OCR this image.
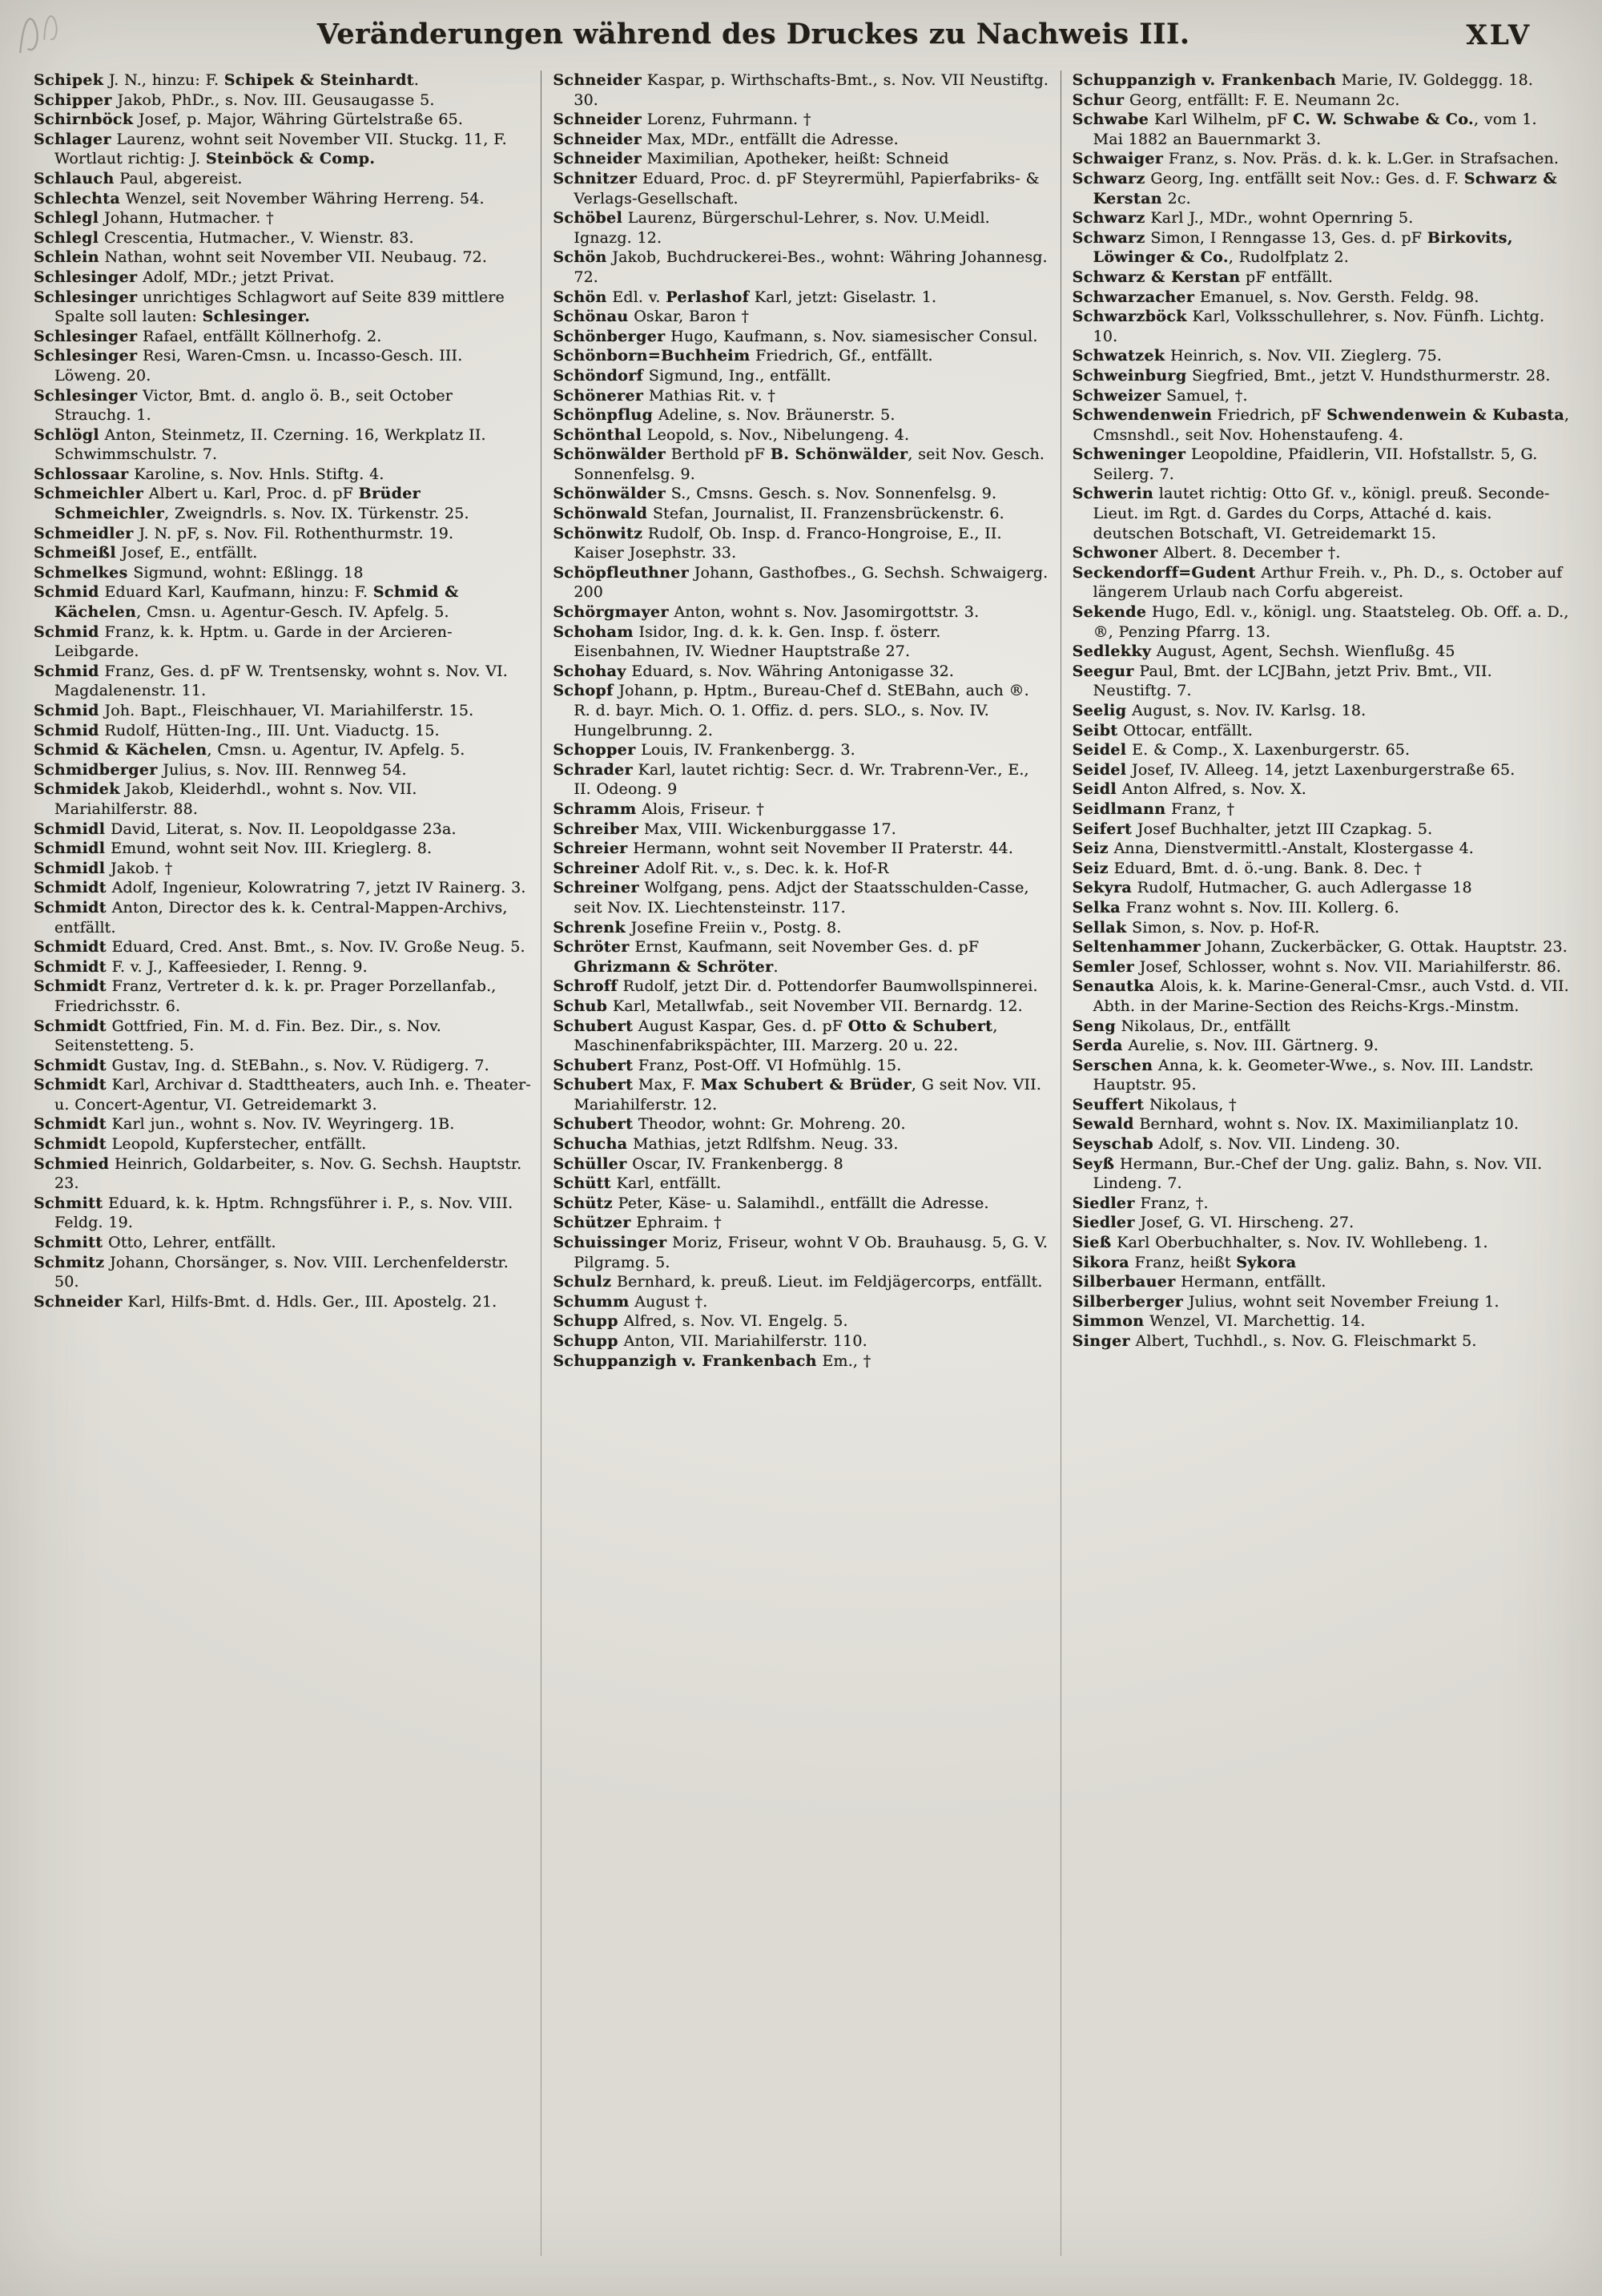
Veränderungen während des Druckes zu Nachweis III.	XLV

Schipek J. N., hinzu: F. Schipek & Steinhardt.

Schipper Jakob, PhDr., s. Nov. III. Geusaugasse 5.

Schirnböck Josef, p. Major, Währing Gürtelstraße 65.

Schlager Laurenz, wohnt seit November VII. Stuckg. 11, F. Wortlaut richtig: J. Steinböck & Comp.

Schlauch Paul, abgereist.

Schlechta Wenzel, seit November Währing Herreng. 54.

Schlegl Johann, Hutmacher. †

Schlegl Crescentia, Hutmacher., V. Wienstr. 83.

Schlein Nathan, wohnt seit November VII. Neubaug. 72.

Schlesinger Adolf, MDr.; jetzt Privat.

Schlesinger unrichtiges Schlagwort auf Seite 839 mittlere Spalte soll lauten: Schlesinger.

Schlesinger Rafael, entfällt Köllnerhofg. 2.

Schlesinger Resi, Waren-Cmsn. u. Incasso-Gesch. III. Löweng. 20.

Schlesinger Victor, Bmt. d. anglo ö. B., seit October Strauchg. 1.

Schlögl Anton, Steinmetz, II. Czerning. 16, Werkplatz II. Schwimmschulstr. 7.

Schlossaar Karoline, s. Nov. Hnls. Stiftg. 4.

Schmeichler Albert u. Karl, Proc. d. pF Brüder Schmeichler, Zweigndrls. s. Nov. IX. Türkenstr. 25.

Schmeidler J. N. pF, s. Nov. Fil. Rothenthurmstr. 19.

Schmeißl Josef, E., entfällt.

Schmelkes Sigmund, wohnt: Eßlingg. 18

Schmid Eduard Karl, Kaufmann, hinzu: F. Schmid & Kächelen, Cmsn. u. Agentur-Gesch. IV. Apfelg. 5.

Schmid Franz, k. k. Hptm. u. Garde in der Arcieren-Leibgarde.

Schmid Franz, Ges. d. pF W. Trentsensky, wohnt s. Nov. VI. Magdalenenstr. 11.

Schmid Joh. Bapt., Fleischhauer, VI. Mariahilferstr. 15.

Schmid Rudolf, Hütten-Ing., III. Unt. Viaductg. 15.

Schmid & Kächelen, Cmsn. u. Agentur, IV. Apfelg. 5.

Schmidberger Julius, s. Nov. III. Rennweg 54.

Schmidek Jakob, Kleiderhdl., wohnt s. Nov. VII. Mariahilferstr. 88.

Schmidl David, Literat, s. Nov. II. Leopoldgasse 23a.

Schmidl Emund, wohnt seit Nov. III. Krieglerg. 8.

Schmidl Jakob. †

Schmidt Adolf, Ingenieur, Kolowratring 7, jetzt IV Rainerg. 3.

Schmidt Anton, Director des k. k. Central-Mappen-Archivs, entfällt.

Schmidt Eduard, Cred. Anst. Bmt., s. Nov. IV. Große Neug. 5.

Schmidt F. v. J., Kaffeesieder, I. Renng. 9.

Schmidt Franz, Vertreter d. k. k. pr. Prager Porzellanfab., Friedrichsstr. 6.

Schmidt Gottfried, Fin. M. d. Fin. Bez. Dir., s. Nov. Seitenstetteng. 5.

Schmidt Gustav, Ing. d. StEBahn., s. Nov. V. Rüdigerg. 7.

Schmidt Karl, Archivar d. Stadttheaters, auch Inh. e. Theater- u. Concert-Agentur, VI. Getreidemarkt 3.

Schmidt Karl jun., wohnt s. Nov. IV. Weyringerg. 1B.

Schmidt Leopold, Kupferstecher, entfällt.

Schmied Heinrich, Goldarbeiter, s. Nov. G. Sechsh. Hauptstr. 23.

Schmitt Eduard, k. k. Hptm. Rchngsführer i. P., s. Nov. VIII. Feldg. 19.

Schmitt Otto, Lehrer, entfällt.

Schmitz Johann, Chorsänger, s. Nov. VIII. Lerchenfelderstr. 50.

Schneider Karl, Hilfs-Bmt. d. Hdls. Ger., III. Apostelg. 21.

Schneider Kaspar, p. Wirthschafts-Bmt., s. Nov. VII Neustiftg. 30.

Schneider Lorenz, Fuhrmann. †

Schneider Max, MDr., entfällt die Adresse.

Schneider Maximilian, Apotheker, heißt: Schneid

Schnitzer Eduard, Proc. d. pF Steyrermühl, Papierfabriks- & Verlags-Gesellschaft.

Schöbel Laurenz, Bürgerschul-Lehrer, s. Nov. U.Meidl. Ignazg. 12.

Schön Jakob, Buchdruckerei-Bes., wohnt: Währing Johannesg. 72.

Schön Edl. v. Perlashof Karl, jetzt: Giselastr. 1.

Schönau Oskar, Baron †

Schönberger Hugo, Kaufmann, s. Nov. siamesischer Consul.

Schönborn=Buchheim Friedrich, Gf., entfällt.

Schöndorf Sigmund, Ing., entfällt.

Schönerer Mathias Rit. v. †

Schönpflug Adeline, s. Nov. Bräunerstr. 5.

Schönthal Leopold, s. Nov., Nibelungeng. 4.

Schönwälder Berthold pF B. Schönwälder, seit Nov. Gesch. Sonnenfelsg. 9.

Schönwälder S., Cmsns. Gesch. s. Nov. Sonnenfelsg. 9.

Schönwald Stefan, Journalist, II. Franzensbrückenstr. 6.

Schönwitz Rudolf, Ob. Insp. d. Franco-Hongroise, E., II. Kaiser Josephstr. 33.

Schöpfleuthner Johann, Gasthofbes., G. Sechsh. Schwaigerg. 200

Schörgmayer Anton, wohnt s. Nov. Jasomirgottstr. 3.

Schoham Isidor, Ing. d. k. k. Gen. Insp. f. österr. Eisenbahnen, IV. Wiedner Hauptstraße 27.

Schohay Eduard, s. Nov. Währing Antonigasse 32.

Schopf Johann, p. Hptm., Bureau-Chef d. StEBahn, auch ®. R. d. bayr. Mich. O. 1. Offiz. d. pers. SLO., s. Nov. IV. Hungelbrunng. 2.

Schopper Louis, IV. Frankenbergg. 3.

Schrader Karl, lautet richtig: Secr. d. Wr. Trabrenn-Ver., E., II. Odeong. 9

Schramm Alois, Friseur. †

Schreiber Max, VIII. Wickenburggasse 17.

Schreier Hermann, wohnt seit November II Praterstr. 44.

Schreiner Adolf Rit. v., s. Dec. k. k. Hof-R

Schreiner Wolfgang, pens. Adjct der Staatsschulden-Casse, seit Nov. IX. Liechtensteinstr. 117.

Schrenk Josefine Freiin v., Postg. 8.

Schröter Ernst, Kaufmann, seit November Ges. d. pF Ghrizmann & Schröter.

Schroff Rudolf, jetzt Dir. d. Pottendorfer Baumwollspinnerei.

Schub Karl, Metallwfab., seit November VII. Bernardg. 12.

Schubert August Kaspar, Ges. d. pF Otto & Schubert, Maschinenfabrikspächter, III. Marzerg. 20 u. 22.

Schubert Franz, Post-Off. VI Hofmühlg. 15.

Schubert Max, F. Max Schubert & Brüder, G seit Nov. VII. Mariahilferstr. 12.

Schubert Theodor, wohnt: Gr. Mohreng. 20.

Schucha Mathias, jetzt Rdlfshm. Neug. 33.

Schüller Oscar, IV. Frankenbergg. 8

Schütt Karl, entfällt.

Schütz Peter, Käse- u. Salamihdl., entfällt die Adresse.

Schützer Ephraim. †

Schuissinger Moriz, Friseur, wohnt V Ob. Brauhausg. 5, G. V. Pilgramg. 5.

Schulz Bernhard, k. preuß. Lieut. im Feldjägercorps, entfällt.

Schumm August †.

Schupp Alfred, s. Nov. VI. Engelg. 5.

Schupp Anton, VII. Mariahilferstr. 110.

Schuppanzigh v. Frankenbach Em., †

Schuppanzigh v. Frankenbach Marie, IV. Goldeggg. 18.

Schur Georg, entfällt: F. E. Neumann 2c.

Schwabe Karl Wilhelm, pF C. W. Schwabe & Co., vom 1. Mai 1882 an Bauernmarkt 3.

Schwaiger Franz, s. Nov. Präs. d. k. k. L.Ger. in Strafsachen.

Schwarz Georg, Ing. entfällt seit Nov.: Ges. d. F. Schwarz & Kerstan 2c.

Schwarz Karl J., MDr., wohnt Opernring 5.

Schwarz Simon, I Renngasse 13, Ges. d. pF Birkovits, Löwinger & Co., Rudolfplatz 2.

Schwarz & Kerstan pF entfällt.

Schwarzacher Emanuel, s. Nov. Gersth. Feldg. 98.

Schwarzböck Karl, Volksschullehrer, s. Nov. Fünfh. Lichtg. 10.

Schwatzek Heinrich, s. Nov. VII. Zieglerg. 75.

Schweinburg Siegfried, Bmt., jetzt V. Hundsthurmerstr. 28.

Schweizer Samuel, †.

Schwendenwein Friedrich, pF Schwendenwein & Kubasta, Cmsnshdl., seit Nov. Hohenstaufeng. 4.

Schweninger Leopoldine, Pfaidlerin, VII. Hofstallstr. 5, G. Seilerg. 7.

Schwerin lautet richtig: Otto Gf. v., königl. preuß. Seconde-Lieut. im Rgt. d. Gardes du Corps, Attaché d. kais. deutschen Botschaft, VI. Getreidemarkt 15.

Schwoner Albert. 8. December †.

Seckendorff=Gudent Arthur Freih. v., Ph. D., s. October auf längerem Urlaub nach Corfu abgereist.

Sekende Hugo, Edl. v., königl. ung. Staatsteleg. Ob. Off. a. D., ®, Penzing Pfarrg. 13.

Sedlekky August, Agent, Sechsh. Wienflußg. 45

Seegur Paul, Bmt. der LCJBahn, jetzt Priv. Bmt., VII. Neustiftg. 7.

Seelig August, s. Nov. IV. Karlsg. 18.

Seibt Ottocar, entfällt.

Seidel E. & Comp., X. Laxenburgerstr. 65.

Seidel Josef, IV. Alleeg. 14, jetzt Laxenburgerstraße 65.

Seidl Anton Alfred, s. Nov. X.

Seidlmann Franz, †

Seifert Josef Buchhalter, jetzt III Czapkag. 5.

Seiz Anna, Dienstvermittl.-Anstalt, Klostergasse 4.

Seiz Eduard, Bmt. d. ö.-ung. Bank. 8. Dec. †

Sekyra Rudolf, Hutmacher, G. auch Adlergasse 18

Selka Franz wohnt s. Nov. III. Kollerg. 6.

Sellak Simon, s. Nov. p. Hof-R.

Seltenhammer Johann, Zuckerbäcker, G. Ottak. Hauptstr. 23.

Semler Josef, Schlosser, wohnt s. Nov. VII. Mariahilferstr. 86.

Senautka Alois, k. k. Marine-General-Cmsr., auch Vstd. d. VII. Abth. in der Marine-Section des Reichs-Krgs.-Minstm.

Seng Nikolaus, Dr., entfällt

Serda Aurelie, s. Nov. III. Gärtnerg. 9.

Serschen Anna, k. k. Geometer-Wwe., s. Nov. III. Landstr. Hauptstr. 95.

Seuffert Nikolaus, †

Sewald Bernhard, wohnt s. Nov. IX. Maximilianplatz 10.

Seyschab Adolf, s. Nov. VII. Lindeng. 30.

Seyß Hermann, Bur.-Chef der Ung. galiz. Bahn, s. Nov. VII. Lindeng. 7.

Siedler Franz, †.

Siedler Josef, G. VI. Hirscheng. 27.

Sieß Karl Oberbuchhalter, s. Nov. IV. Wohllebeng. 1.

Sikora Franz, heißt Sykora

Silberbauer Hermann, entfällt.

Silberberger Julius, wohnt seit November Freiung 1.

Simmon Wenzel, VI. Marchettig. 14.

Singer Albert, Tuchhdl., s. Nov. G. Fleischmarkt 5.
